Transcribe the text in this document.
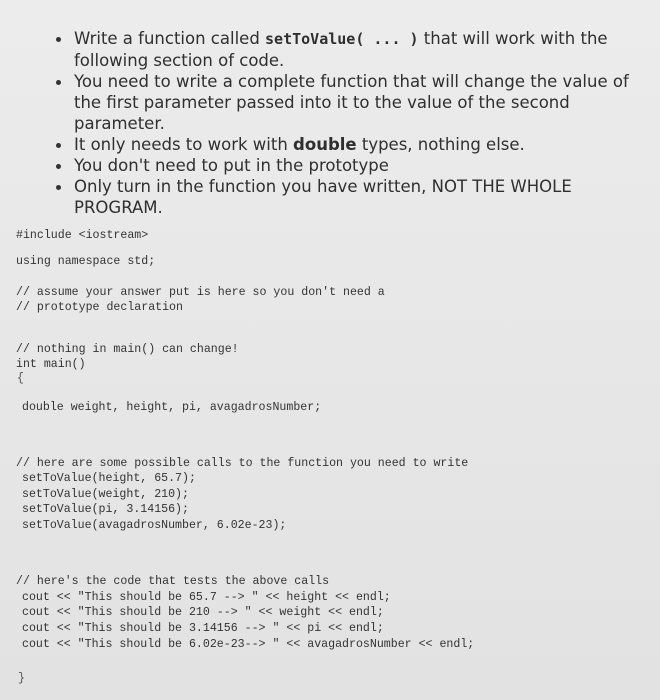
Write a function called setToValue( ... ) that will work with the following section of code.
You need to write a complete function that will change the value of the first parameter passed into it to the value of the second parameter.
It only needs to work with double types, nothing else.
You don't need to put in the prototype
Only turn in the function you have written, NOT THE WHOLE PROGRAM.
#include <iostream>
using namespace std;
// assume your answer put is here so you don't need a
// prototype declaration
// nothing in main() can change!
int main()
{
double weight, height, pi, avagadrosNumber;
// here are some possible calls to the function you need to write
setToValue(height, 65.7);
setToValue(weight, 210);
setToValue(pi, 3.14156);
setToValue(avagadrosNumber, 6.02e-23);
// here's the code that tests the above calls
cout << "This should be 65.7 --> " << height << endl;
cout << "This should be 210 --> " << weight << endl;
cout << "This should be 3.14156 --> " << pi << endl;
cout << "This should be 6.02e-23--> " << avagadrosNumber << endl;
}
